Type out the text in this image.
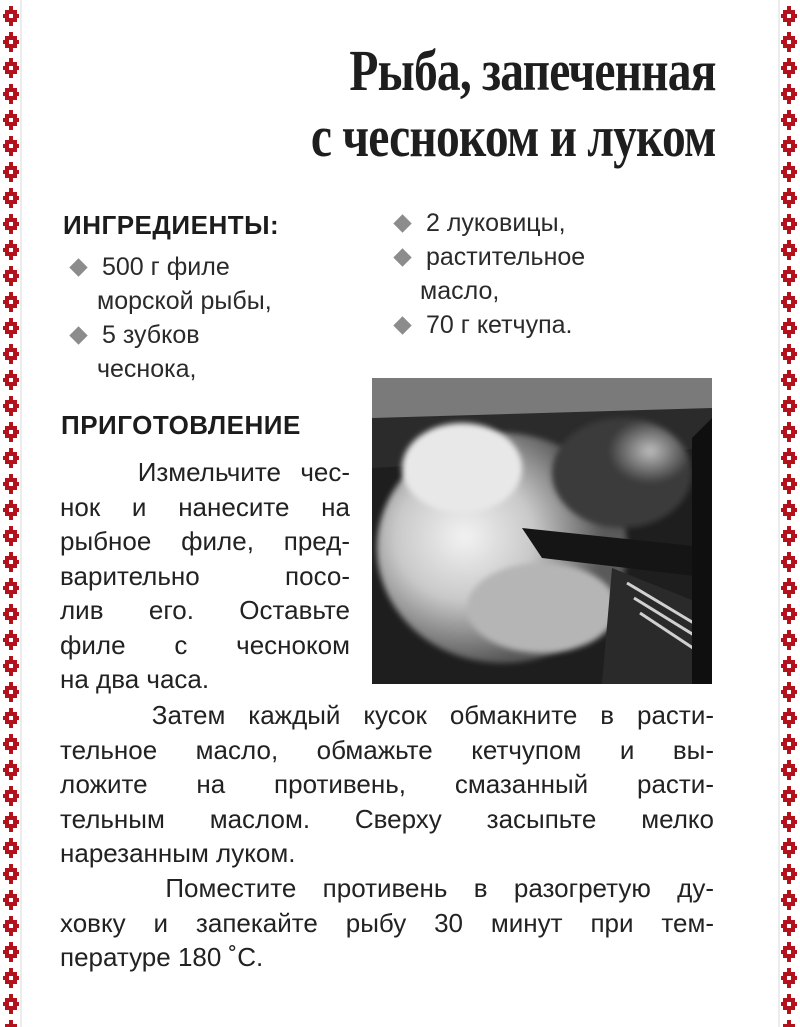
Рыба, запеченная
с чесноком и луком
ИНГРЕДИЕНТЫ:
500 г филе
морской рыбы,
5 зубков
чеснока,
2 луковицы,
растительное
масло,
70 г кетчупа.
ПРИГОТОВЛЕНИЕ
Измельчите чес-
нок и нанесите на
рыбное филе, пред-
варительно посо-
лив его. Оставьте
филе с чесноком
на два часа.
Затем каждый кусок обмакните в расти-
тельное масло, обмажьте кетчупом и вы-
ложите на противень, смазанный расти-
тельным маслом. Сверху засыпьте мелко
нарезанным луком.
Поместите противень в разогретую ду-
ховку и запекайте рыбу 30 минут при тем-
пературе 180 ˚С.
